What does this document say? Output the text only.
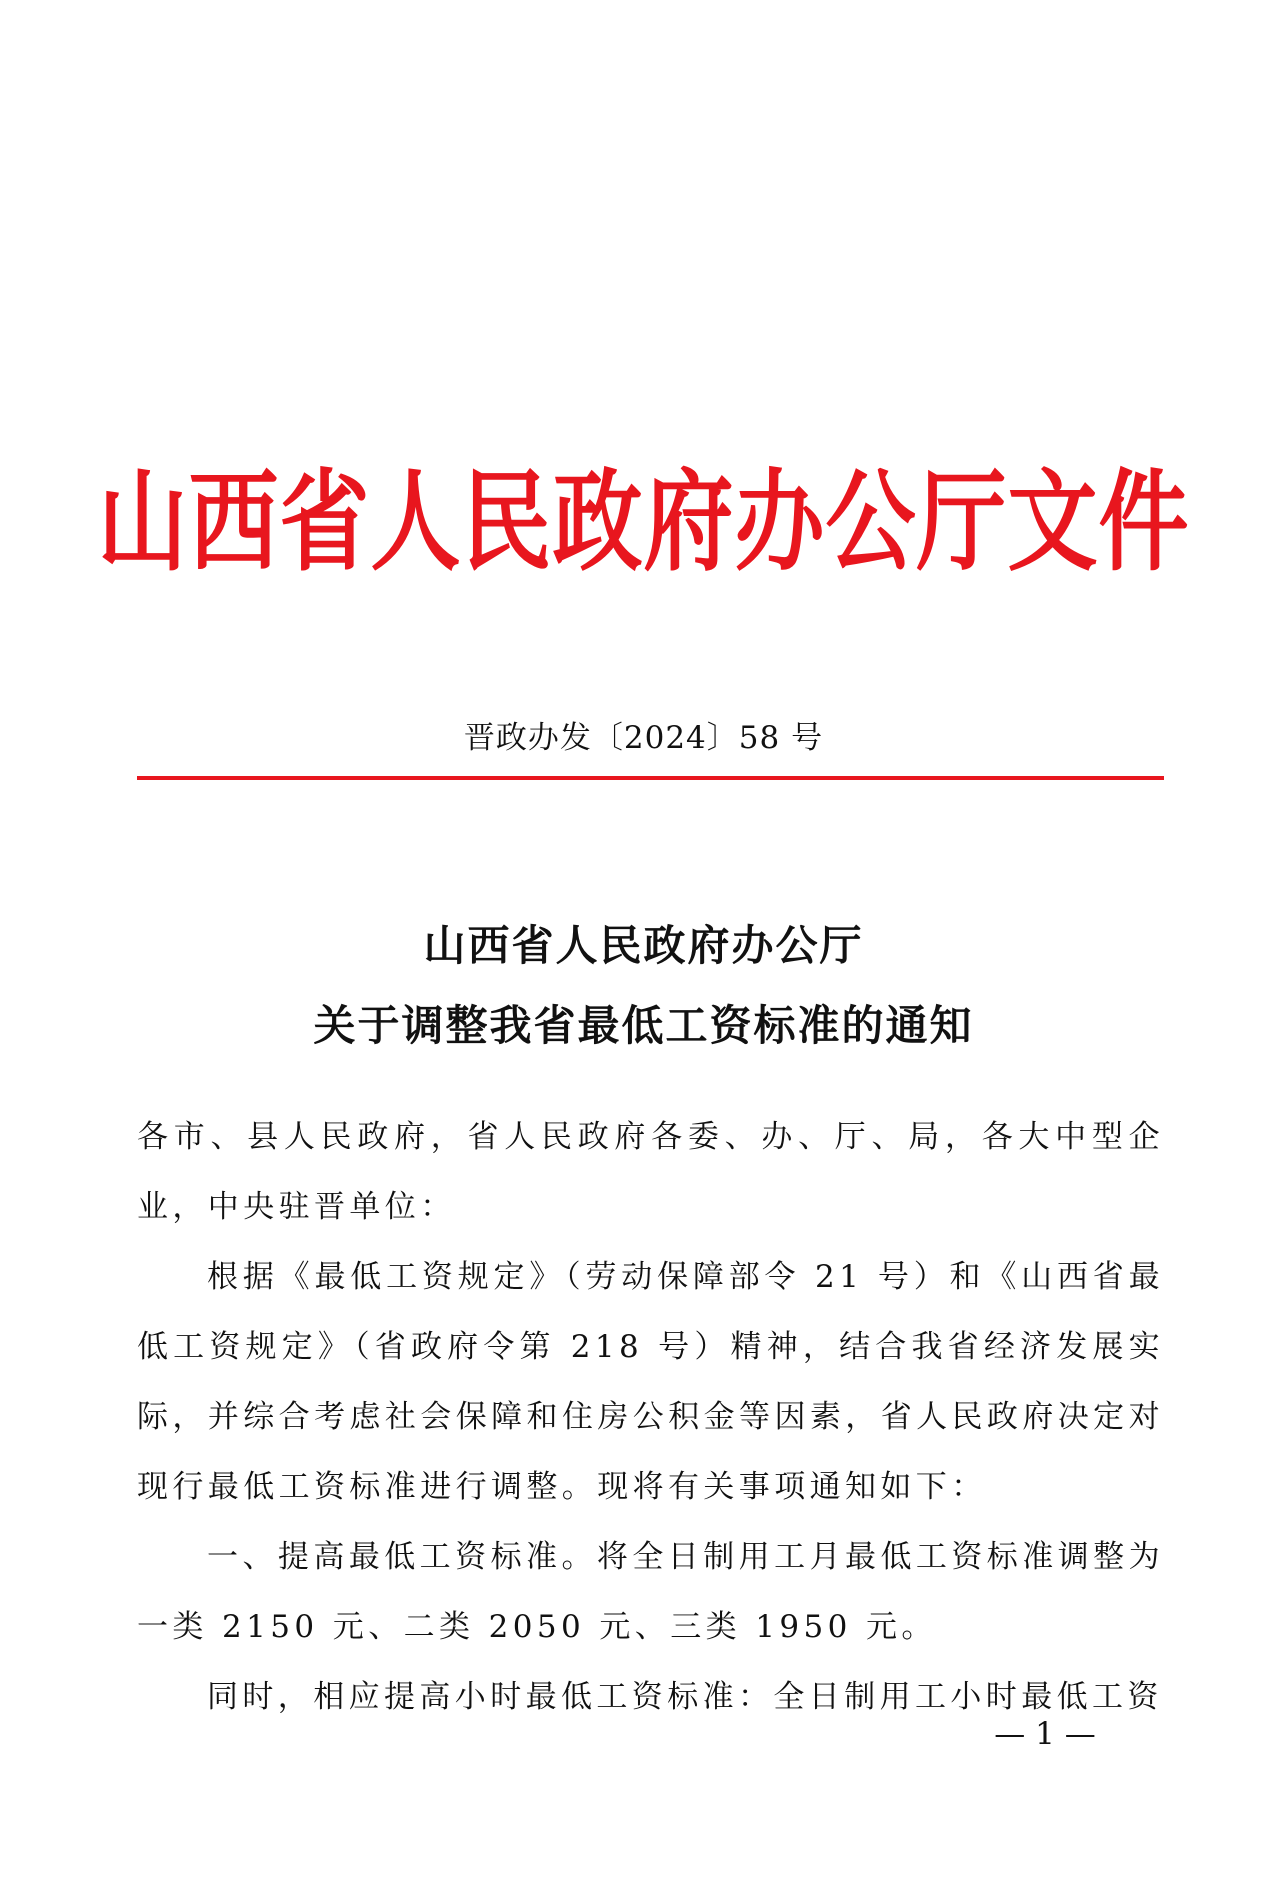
山西省人民政府办公厅文件
晋政办发〔2024〕58 号
山西省人民政府办公厅
关于调整我省最低工资标准的通知

各市、县人民政府，省人民政府各委、办、厅、局，各大中型企业，中央驻晋单位：

根据《最低工资规定》（劳动保障部令 21 号）和《山西省最低工资规定》（省政府令第 218 号）精神，结合我省经济发展实际，并综合考虑社会保障和住房公积金等因素，省人民政府决定对现行最低工资标准进行调整。现将有关事项通知如下：

一、提高最低工资标准。将全日制用工月最低工资标准调整为一类 2150 元、二类 2050 元、三类 1950 元。

同时，相应提高小时最低工资标准：全日制用工小时最低工资

— 1 —
